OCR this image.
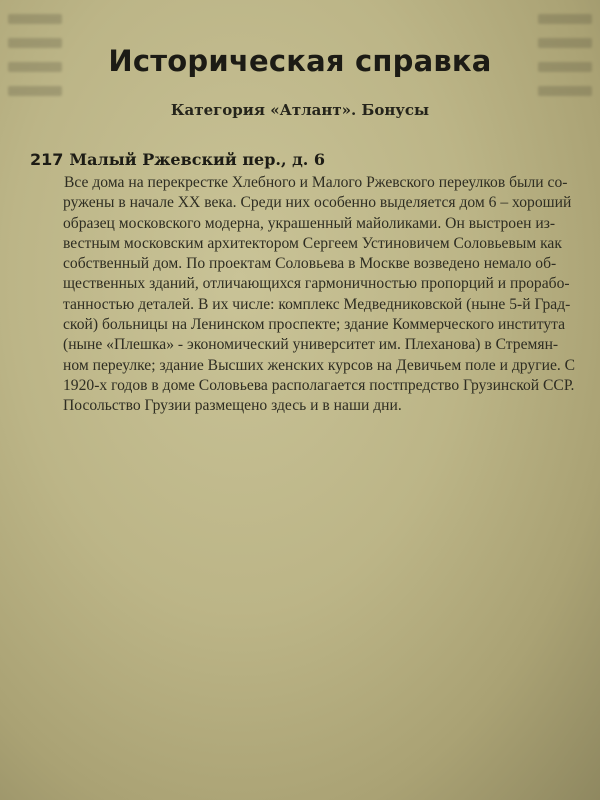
Историческая справка

Категория «Атлант». Бонусы

217 Малый Ржевский пер., д. 6
Все дома на перекрестке Хлебного и Малого Ржевского переулков были со-
ружены в начале XX века. Среди них особенно выделяется дом 6 – хороший
образец московского модерна, украшенный майоликами. Он выстроен из-
вестным московским архитектором Сергеем Устиновичем Соловьевым как
собственный дом. По проектам Соловьева в Москве возведено немало об-
щественных зданий, отличающихся гармоничностью пропорций и прорабо-
танностью деталей. В их числе: комплекс Медведниковской (ныне 5-й Град-
ской) больницы на Ленинском проспекте; здание Коммерческого института
(ныне «Плешка» - экономический университет им. Плеханова) в Стремян-
ном переулке; здание Высших женских курсов на Девичьем поле и другие. С
1920-х годов в доме Соловьева располагается постпредство Грузинской ССР.
Посольство Грузии размещено здесь и в наши дни.
